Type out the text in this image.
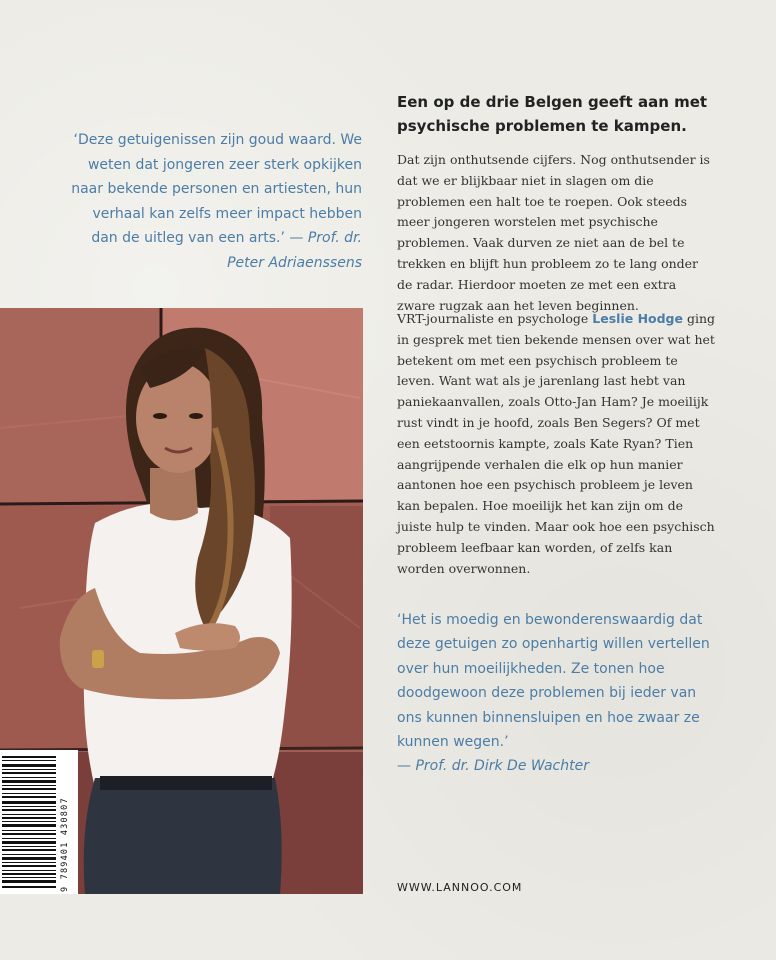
‘Deze getuigenissen zijn goud waard. We weten dat jongeren zeer sterk opkijken naar bekende personen en artiesten, hun verhaal kan zelfs meer impact hebben dan de uitleg van een arts.’ — Prof. dr. Peter Adriaenssens

9 789401 430807
Een op de drie Belgen geeft aan met psychische problemen te kampen.

Dat zijn onthutsende cijfers. Nog onthutsender is dat we er blijkbaar niet in slagen om die problemen een halt toe te roepen. Ook steeds meer jongeren worstelen met psychische problemen. Vaak durven ze niet aan de bel te trekken en blijft hun probleem zo te lang onder de radar. Hierdoor moeten ze met een extra zware rugzak aan het leven beginnen.

VRT-journaliste en psychologe Leslie Hodge ging in gesprek met tien bekende mensen over wat het betekent om met een psychisch probleem te leven. Want wat als je jarenlang last hebt van paniekaanvallen, zoals Otto-Jan Ham? Je moeilijk rust vindt in je hoofd, zoals Ben Segers? Of met een eetstoornis kampte, zoals Kate Ryan? Tien aangrijpende verhalen die elk op hun manier aantonen hoe een psychisch probleem je leven kan bepalen. Hoe moeilijk het kan zijn om de juiste hulp te vinden. Maar ook hoe een psychisch probleem leefbaar kan worden, of zelfs kan worden overwonnen.

‘Het is moedig en bewonderenswaardig dat deze getuigen zo openhartig willen vertellen over hun moeilijkheden. Ze tonen hoe doodgewoon deze problemen bij ieder van ons kunnen binnensluipen en hoe zwaar ze kunnen wegen.’

— Prof. dr. Dirk De Wachter

WWW.LANNOO.COM
